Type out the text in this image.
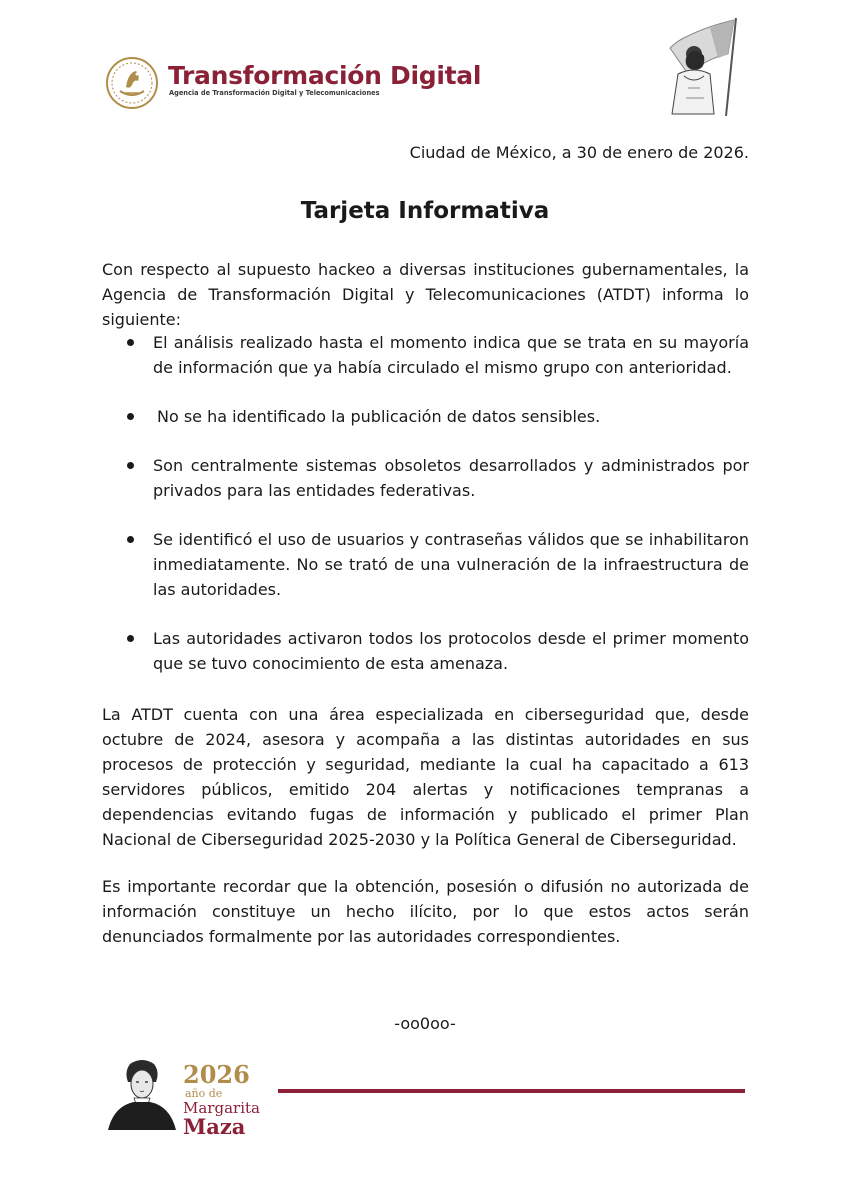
Transformación Digital
Agencia de Transformación Digital y Telecomunicaciones
Ciudad de México, a 30 de enero de 2026.
Tarjeta Informativa
Con respecto al supuesto hackeo a diversas instituciones gubernamentales, la Agencia de Transformación Digital y Telecomunicaciones (ATDT) informa lo siguiente:
El análisis realizado hasta el momento indica que se trata en su mayoría de información que ya había circulado el mismo grupo con anterioridad.
No se ha identificado la publicación de datos sensibles.
Son centralmente sistemas obsoletos desarrollados y administrados por privados para las entidades federativas.
Se identificó el uso de usuarios y contraseñas válidos que se inhabilitaron inmediatamente. No se trató de una vulneración de la infraestructura de las autoridades.
Las autoridades activaron todos los protocolos desde el primer momento que se tuvo conocimiento de esta amenaza.
La ATDT cuenta con una área especializada en ciberseguridad que, desde octubre de 2024, asesora y acompaña a las distintas autoridades en sus procesos de protección y seguridad, mediante la cual ha capacitado a 613 servidores públicos, emitido 204 alertas y notificaciones tempranas a dependencias evitando fugas de información y publicado el primer Plan Nacional de Ciberseguridad 2025-2030 y la Política General de Ciberseguridad.
Es importante recordar que la obtención, posesión o difusión no autorizada de información constituye un hecho ilícito, por lo que estos actos serán denunciados formalmente por las autoridades correspondientes.
-oo0oo-
2026
año de
Margarita
Maza
